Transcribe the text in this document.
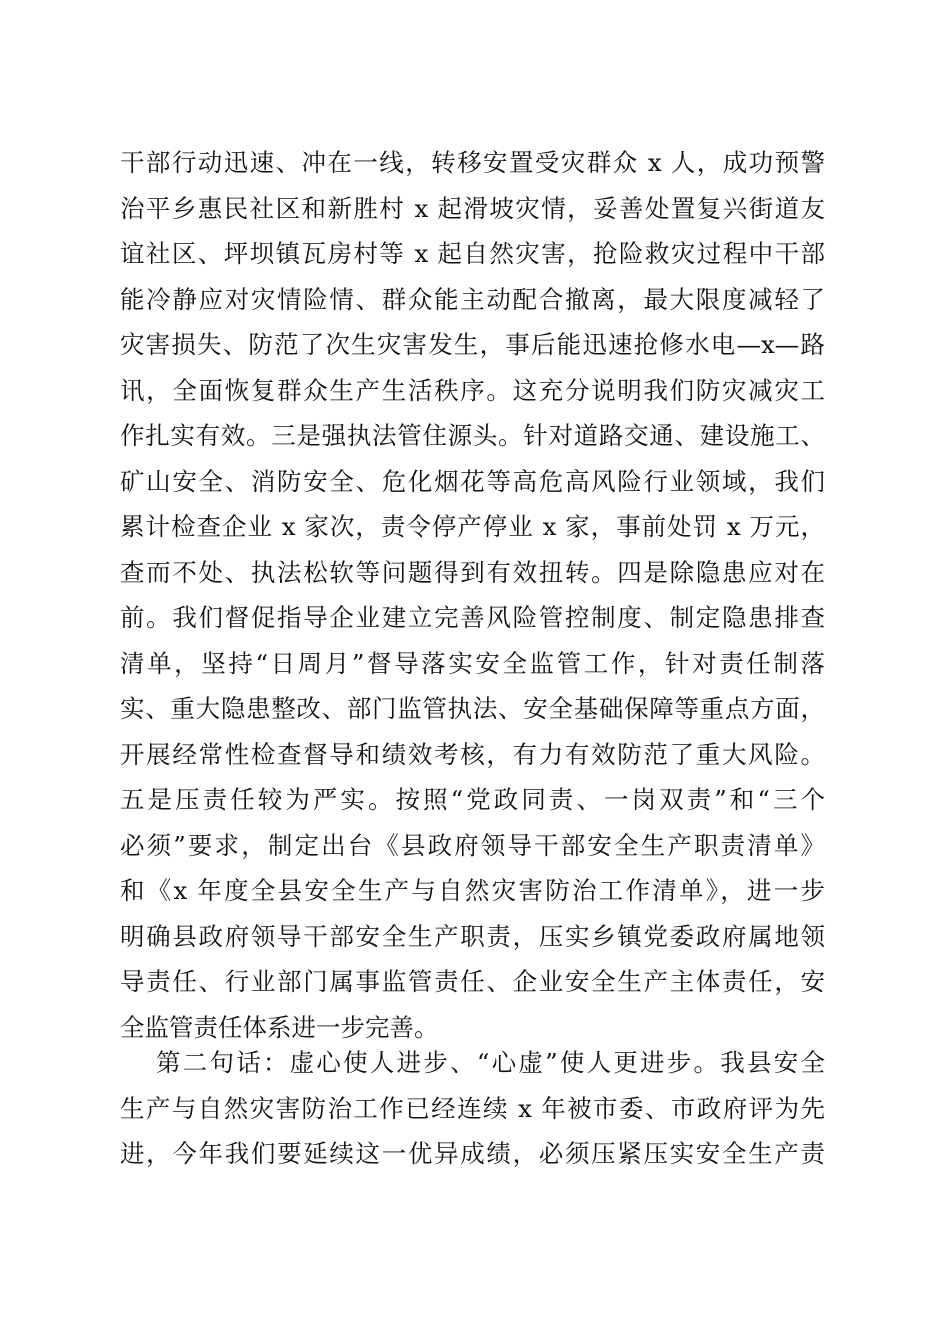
干部行动迅速、冲在一线，转移安置受灾群众 x 人，成功预警
治平乡惠民社区和新胜村 x 起滑坡灾情，妥善处置复兴街道友
谊社区、坪坝镇瓦房村等 x 起自然灾害，抢险救灾过程中干部
能冷静应对灾情险情、群众能主动配合撤离，最大限度减轻了
灾害损失、防范了次生灾害发生，事后能迅速抢修水电—x—路
讯，全面恢复群众生产生活秩序。这充分说明我们防灾减灾工
作扎实有效。三是强执法管住源头。针对道路交通、建设施工、
矿山安全、消防安全、危化烟花等高危高风险行业领域，我们
累计检查企业 x 家次，责令停产停业 x 家，事前处罚 x 万元，
查而不处、执法松软等问题得到有效扭转。四是除隐患应对在
前。我们督促指导企业建立完善风险管控制度、制定隐患排查
清单，坚持“日周月”督导落实安全监管工作，针对责任制落
实、重大隐患整改、部门监管执法、安全基础保障等重点方面，
开展经常性检查督导和绩效考核，有力有效防范了重大风险。
五是压责任较为严实。按照“党政同责、一岗双责”和“三个
必须”要求，制定出台《县政府领导干部安全生产职责清单》
和《x 年度全县安全生产与自然灾害防治工作清单》，进一步
明确县政府领导干部安全生产职责，压实乡镇党委政府属地领
导责任、行业部门属事监管责任、企业安全生产主体责任，安
全监管责任体系进一步完善。
第二句话：虚心使人进步、“心虚”使人更进步。我县安全
生产与自然灾害防治工作已经连续 x 年被市委、市政府评为先
进，今年我们要延续这一优异成绩，必须压紧压实安全生产责
